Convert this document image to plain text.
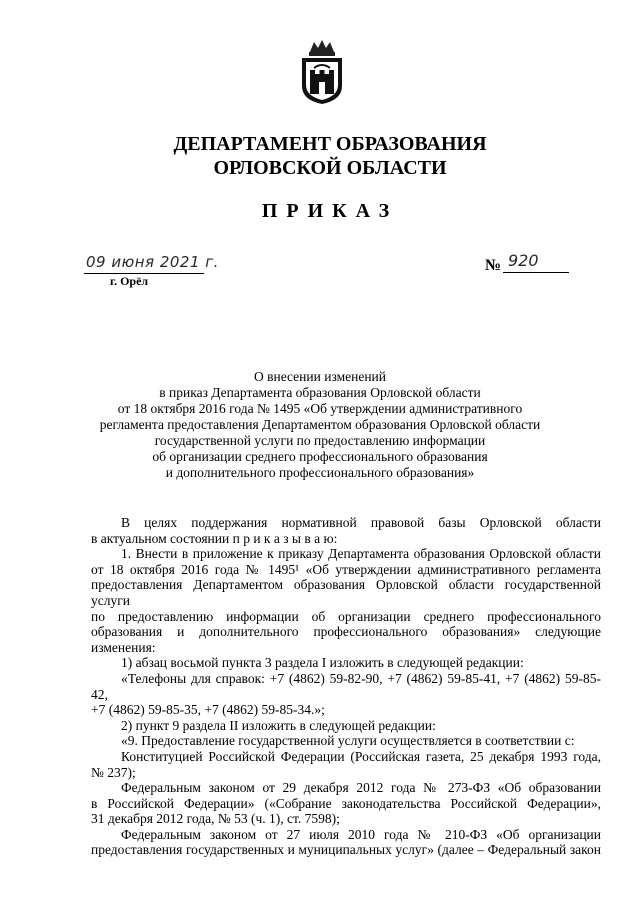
ДЕПАРТАМЕНТ ОБРАЗОВАНИЯ
ОРЛОВСКОЙ ОБЛАСТИ
ПРИКАЗ
09 июня 2021 г.
г. Орёл
№ 920
О внесении изменений
в приказ Департамента образования Орловской области
от 18 октября 2016 года № 1495 «Об утверждении административного
регламента предоставления Департаментом образования Орловской области
государственной услуги по предоставлению информации
об организации среднего профессионального образования
и дополнительного профессионального образования»

В целях поддержания нормативной правовой базы Орловской области

в актуальном состоянии п р и к а з ы в а ю:

1. Внести в приложение к приказу Департамента образования Орловской области

от 18 октября 2016 года № 1495¹ «Об утверждении административного регламента

предоставления Департаментом образования Орловской области государственной услуги

по предоставлению информации об организации среднего профессионального

образования и дополнительного профессионального образования» следующие

изменения:

1) абзац восьмой пункта 3 раздела I изложить в следующей редакции:

«Телефоны для справок: +7 (4862) 59-82-90, +7 (4862) 59-85-41, +7 (4862) 59-85-42,

+7 (4862) 59-85-35, +7 (4862) 59-85-34.»;

2) пункт 9 раздела II изложить в следующей редакции:

«9. Предоставление государственной услуги осуществляется в соответствии с:

Конституцией Российской Федерации (Российская газета, 25 декабря 1993 года,

№ 237);

Федеральным законом от 29 декабря 2012 года № 273-ФЗ «Об образовании

в Российской Федерации» («Собрание законодательства Российской Федерации»,

31 декабря 2012 года, № 53 (ч. 1), ст. 7598);

Федеральным законом от 27 июля 2010 года № 210-ФЗ «Об организации

предоставления государственных и муниципальных услуг» (далее – Федеральный закон
